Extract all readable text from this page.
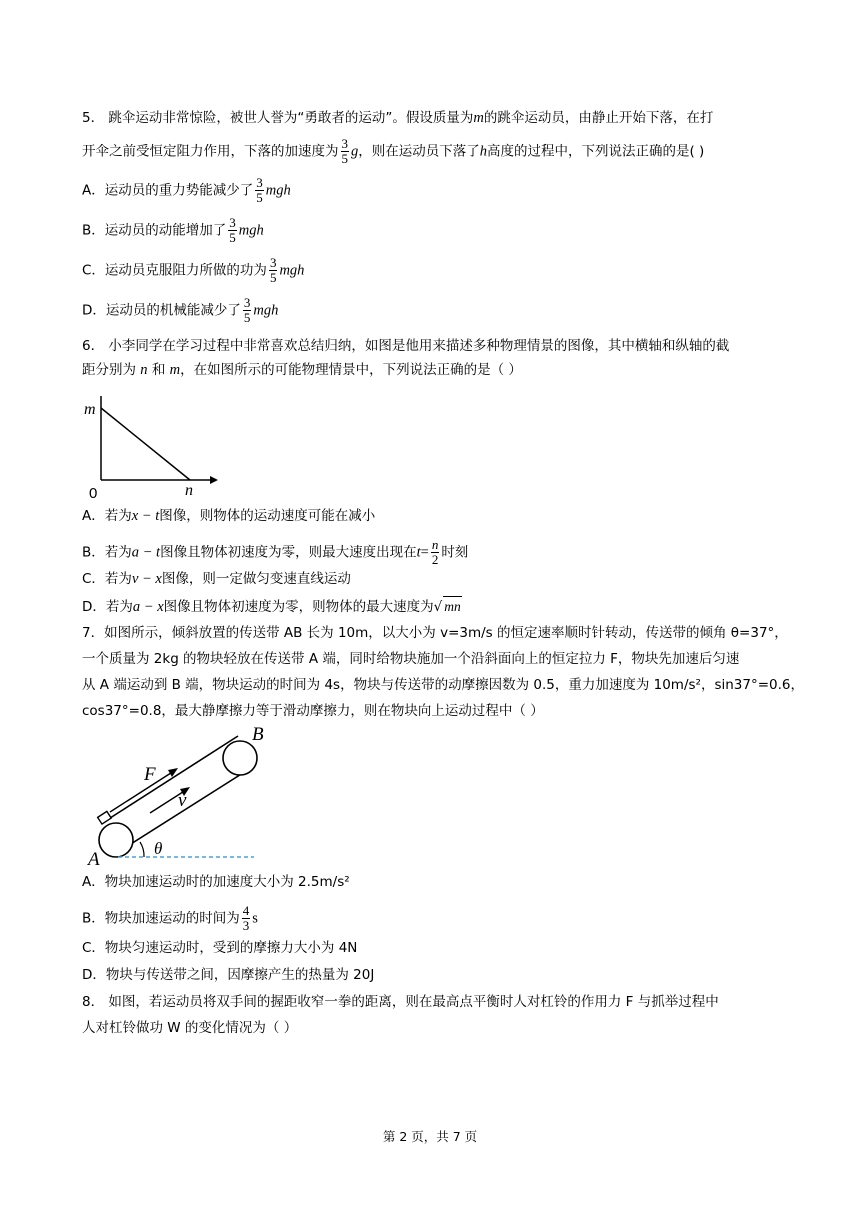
5． 跳伞运动非常惊险，被世人誉为“勇敢者的运动”。假设质量为m的跳伞运动员，由静止开始下落，在打
开伞之前受恒定阻力作用，下落的加速度为 $\frac{3}{5}$ g，则在运动员下落了h高度的过程中，下列说法正确的是( )
A．运动员的重力势能减少了 $\frac{3}{5}$ mgh
B．运动员的动能增加了 $\frac{3}{5}$ mgh
C．运动员克服阻力所做的功为 $\frac{3}{5}$ mgh
D．运动员的机械能减少了 $\frac{3}{5}$ mgh
6． 小李同学在学习过程中非常喜欢总结归纳，如图是他用来描述多种物理情景的图像，其中横轴和纵轴的截
距分别为 n 和 m，在如图所示的可能物理情景中，下列说法正确的是（ ）
m
n
0
A．若为x − t图像，则物体的运动速度可能在减小
B．若为a − t图像且物体初速度为零，则最大速度出现在$t= \frac{n}{2}$ 时刻
C．若为v − x图像，则一定做匀变速直线运动
D．若为a − x图像且物体初速度为零，则物体的最大速度为√ mn
7．如图所示，倾斜放置的传送带 AB 长为 10m，以大小为 v=3m/s 的恒定速率顺时针转动，传送带的倾角 θ=37°，
一个质量为 2kg 的物块轻放在传送带 A 端，同时给物块施加一个沿斜面向上的恒定拉力 F，物块先加速后匀速
从 A 端运动到 B 端，物块运动的时间为 4s，物块与传送带的动摩擦因数为 0.5，重力加速度为 10m/s²，sin37°=0.6，
cos37°=0.8，最大静摩擦力等于滑动摩擦力，则在物块向上运动过程中（ ）
A
B
F
v
θ
A．物块加速运动时的加速度大小为 2.5m/s²
B．物块加速运动的时间为 $\frac{4}{3}$ s
C．物块匀速运动时，受到的摩擦力大小为 4N
D．物块与传送带之间，因摩擦产生的热量为 20J
8． 如图，若运动员将双手间的握距收窄一拳的距离，则在最高点平衡时人对杠铃的作用力 F 与抓举过程中
人对杠铃做功 W 的变化情况为（ ）
第 2 页，共 7 页
